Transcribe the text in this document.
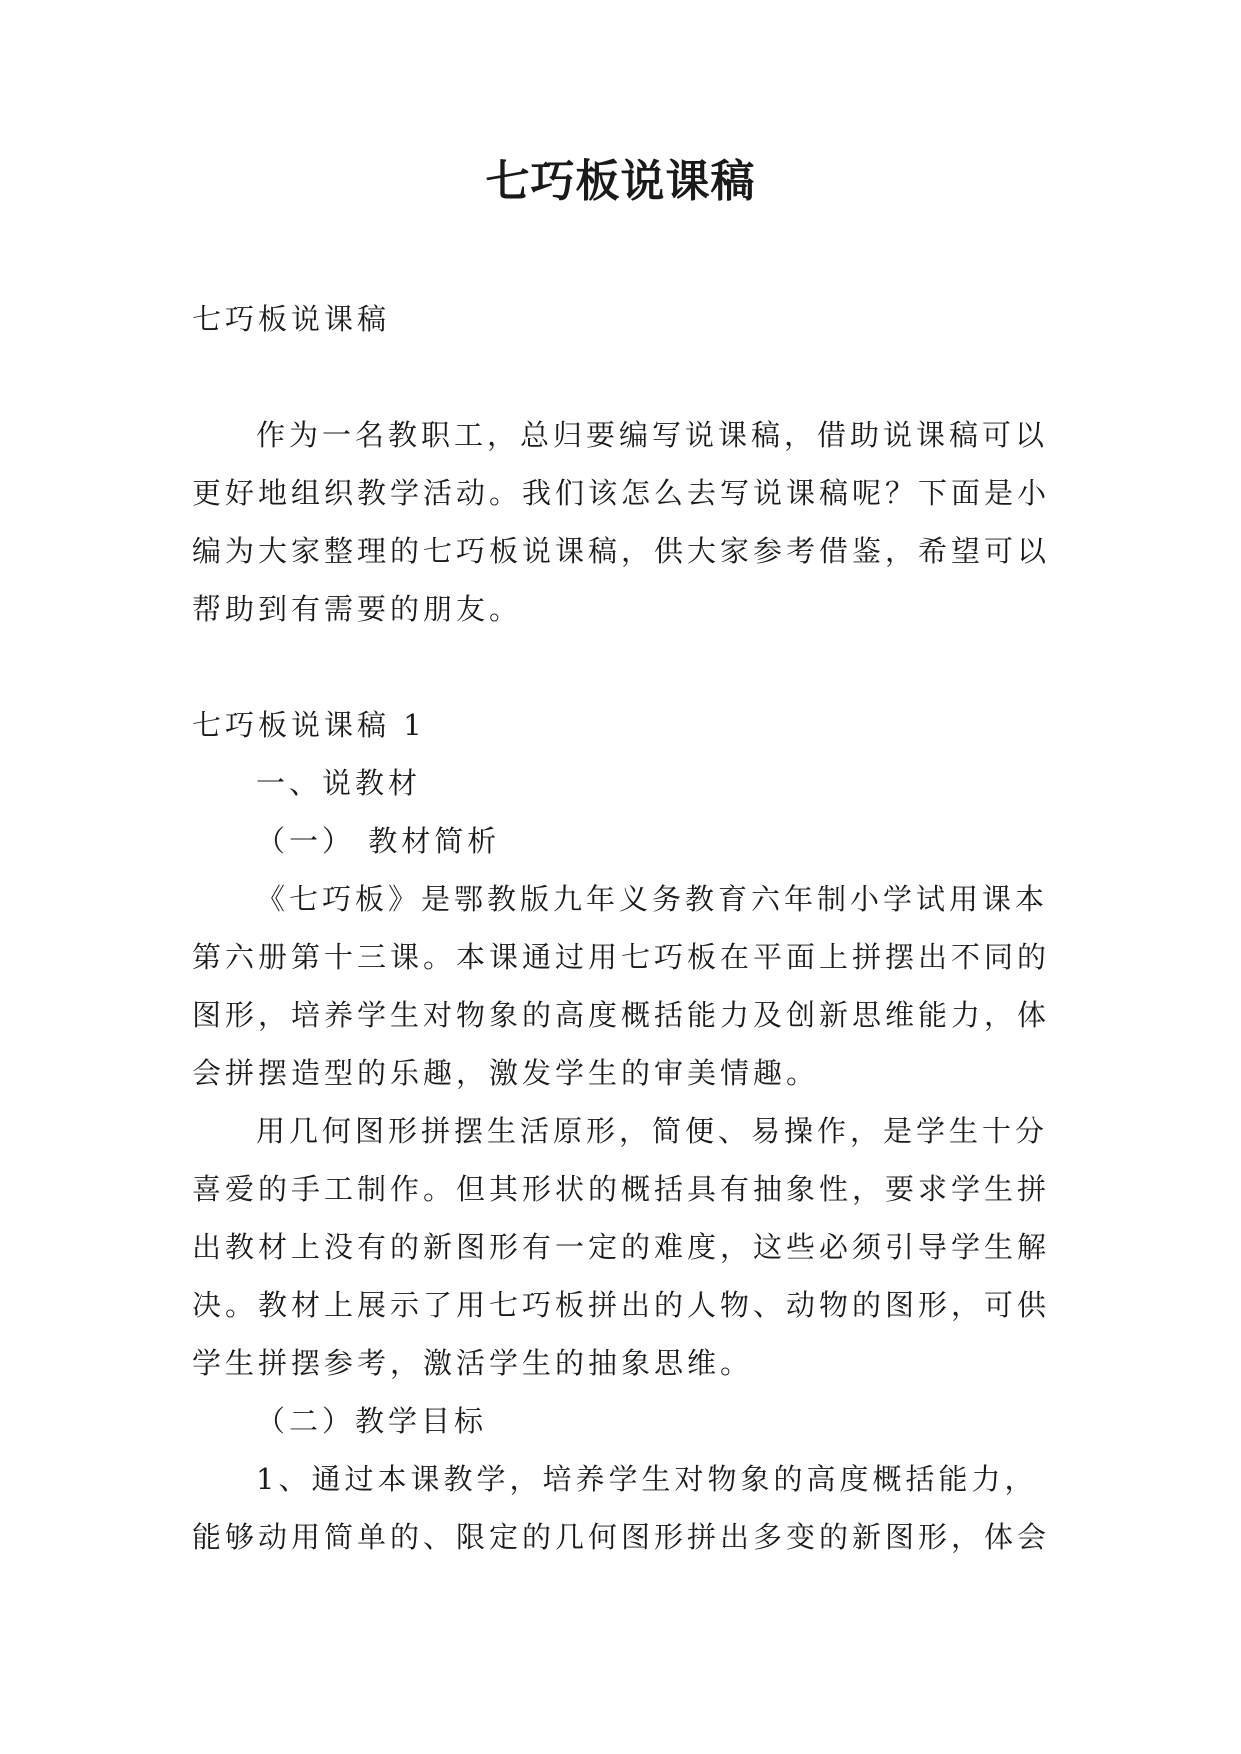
七巧板说课稿
七巧板说课稿
作为一名教职工，总归要编写说课稿，借助说课稿可以
更好地组织教学活动。我们该怎么去写说课稿呢？下面是小
编为大家整理的七巧板说课稿，供大家参考借鉴，希望可以
帮助到有需要的朋友。
七巧板说课稿 1
一、说教材
（一） 教材简析
《七巧板》是鄂教版九年义务教育六年制小学试用课本
第六册第十三课。本课通过用七巧板在平面上拼摆出不同的
图形，培养学生对物象的高度概括能力及创新思维能力，体
会拼摆造型的乐趣，激发学生的审美情趣。
用几何图形拼摆生活原形，简便、易操作，是学生十分
喜爱的手工制作。但其形状的概括具有抽象性，要求学生拼
出教材上没有的新图形有一定的难度，这些必须引导学生解
决。教材上展示了用七巧板拼出的人物、动物的图形，可供
学生拼摆参考，激活学生的抽象思维。
（二）教学目标
1、通过本课教学，培养学生对物象的高度概括能力，
能够动用简单的、限定的几何图形拼出多变的新图形，体会
